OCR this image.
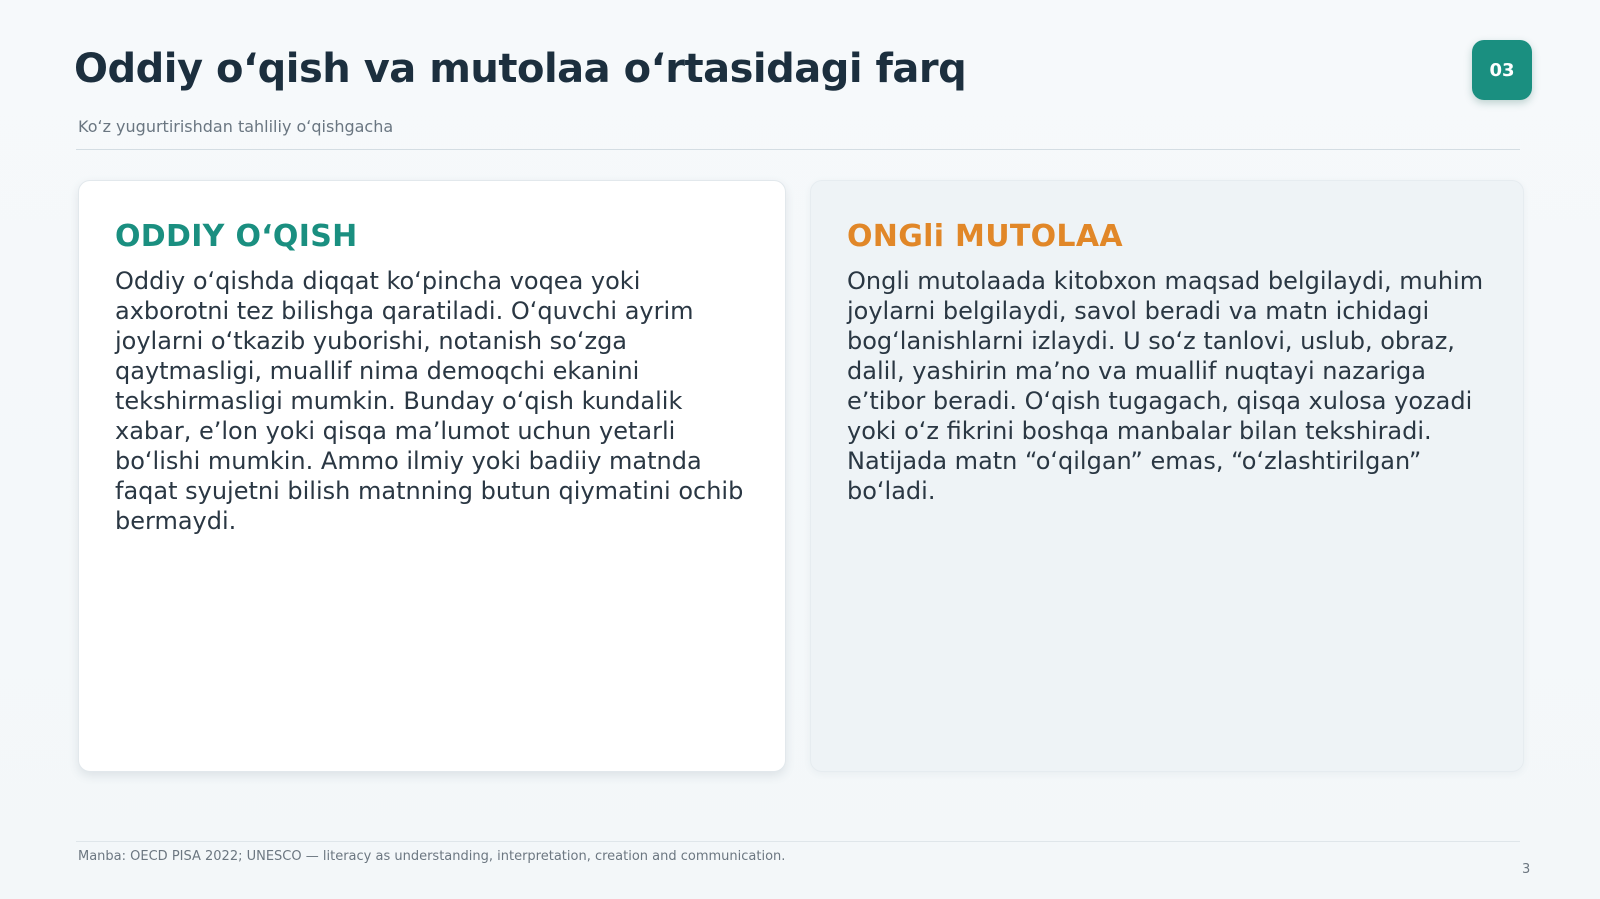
Oddiy oʻqish va mutolaa oʻrtasidagi farq
Koʻz yugurtirishdan tahliliy oʻqishgacha
03
ODDIY OʻQISH

Oddiy oʻqishda diqqat koʻpincha voqea yoki axborotni tez bilishga qaratiladi. Oʻquvchi ayrim joylarni oʻtkazib yuborishi, notanish soʻzga qaytmasligi, muallif nima demoqchi ekanini tekshirmasligi mumkin. Bunday oʻqish kundalik xabar, eʼlon yoki qisqa maʼlumot uchun yetarli boʻlishi mumkin. Ammo ilmiy yoki badiiy matnda faqat syujetni bilish matnning butun qiymatini ochib bermaydi.

ONGli MUTOLAA

Ongli mutolaada kitobxon maqsad belgilaydi, muhim joylarni belgilaydi, savol beradi va matn ichidagi bogʻlanishlarni izlaydi. U soʻz tanlovi, uslub, obraz, dalil, yashirin maʼno va muallif nuqtayi nazariga eʼtibor beradi. Oʻqish tugagach, qisqa xulosa yozadi yoki oʻz fikrini boshqa manbalar bilan tekshiradi. Natijada matn “oʻqilgan” emas, “oʻzlashtirilgan” boʻladi.

Manba: OECD PISA 2022; UNESCO — literacy as understanding, interpretation, creation and communication.
3
